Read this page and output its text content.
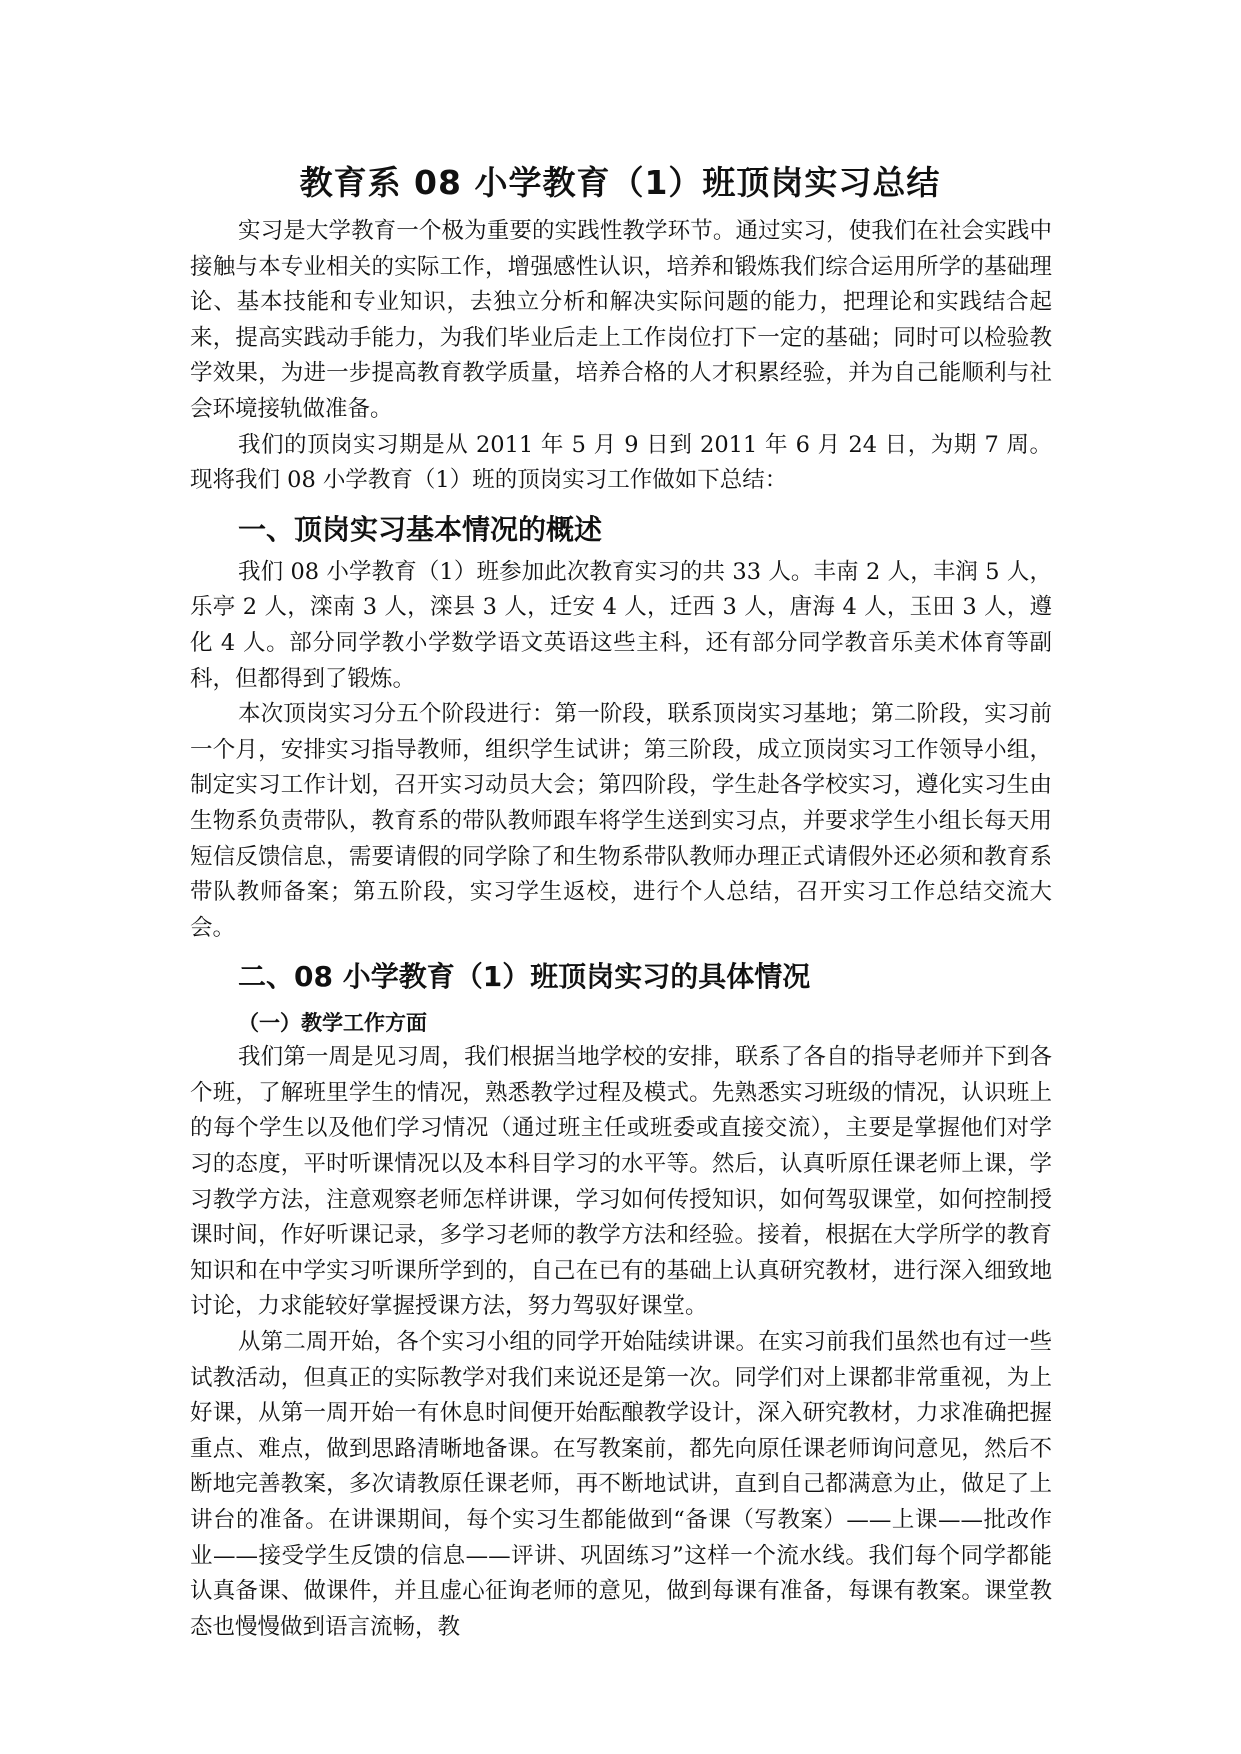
教育系 08 小学教育（1）班顶岗实习总结

实习是大学教育一个极为重要的实践性教学环节。通过实习，使我们在社会实践中接触与本专业相关的实际工作，增强感性认识，培养和锻炼我们综合运用所学的基础理论、基本技能和专业知识，去独立分析和解决实际问题的能力，把理论和实践结合起来，提高实践动手能力，为我们毕业后走上工作岗位打下一定的基础；同时可以检验教学效果，为进一步提高教育教学质量，培养合格的人才积累经验，并为自己能顺利与社会环境接轨做准备。

我们的顶岗实习期是从 2011 年 5 月 9 日到 2011 年 6 月 24 日，为期 7 周。现将我们 08 小学教育（1）班的顶岗实习工作做如下总结：

一、顶岗实习基本情况的概述

我们 08 小学教育（1）班参加此次教育实习的共 33 人。丰南 2 人，丰润 5 人，乐亭 2 人，滦南 3 人，滦县 3 人，迁安 4 人，迁西 3 人，唐海 4 人，玉田 3 人，遵化 4 人。部分同学教小学数学语文英语这些主科，还有部分同学教音乐美术体育等副科，但都得到了锻炼。

本次顶岗实习分五个阶段进行：第一阶段，联系顶岗实习基地；第二阶段，实习前一个月，安排实习指导教师，组织学生试讲；第三阶段，成立顶岗实习工作领导小组，制定实习工作计划，召开实习动员大会；第四阶段，学生赴各学校实习，遵化实习生由生物系负责带队，教育系的带队教师跟车将学生送到实习点，并要求学生小组长每天用短信反馈信息，需要请假的同学除了和生物系带队教师办理正式请假外还必须和教育系带队教师备案；第五阶段，实习学生返校，进行个人总结，召开实习工作总结交流大会。

二、08 小学教育（1）班顶岗实习的具体情况
（一）教学工作方面

我们第一周是见习周，我们根据当地学校的安排，联系了各自的指导老师并下到各个班，了解班里学生的情况，熟悉教学过程及模式。先熟悉实习班级的情况，认识班上的每个学生以及他们学习情况（通过班主任或班委或直接交流），主要是掌握他们对学习的态度，平时听课情况以及本科目学习的水平等。然后，认真听原任课老师上课，学习教学方法，注意观察老师怎样讲课，学习如何传授知识，如何驾驭课堂，如何控制授课时间，作好听课记录，多学习老师的教学方法和经验。接着，根据在大学所学的教育知识和在中学实习听课所学到的，自己在已有的基础上认真研究教材，进行深入细致地讨论，力求能较好掌握授课方法，努力驾驭好课堂。

从第二周开始，各个实习小组的同学开始陆续讲课。在实习前我们虽然也有过一些试教活动，但真正的实际教学对我们来说还是第一次。同学们对上课都非常重视，为上好课，从第一周开始一有休息时间便开始酝酿教学设计，深入研究教材，力求准确把握重点、难点，做到思路清晰地备课。在写教案前，都先向原任课老师询问意见，然后不断地完善教案，多次请教原任课老师，再不断地试讲，直到自己都满意为止，做足了上讲台的准备。在讲课期间，每个实习生都能做到“备课（写教案）——上课——批改作业——接受学生反馈的信息——评讲、巩固练习”这样一个流水线。我们每个同学都能认真备课、做课件，并且虚心征询老师的意见，做到每课有准备，每课有教案。课堂教态也慢慢做到语言流畅，教
